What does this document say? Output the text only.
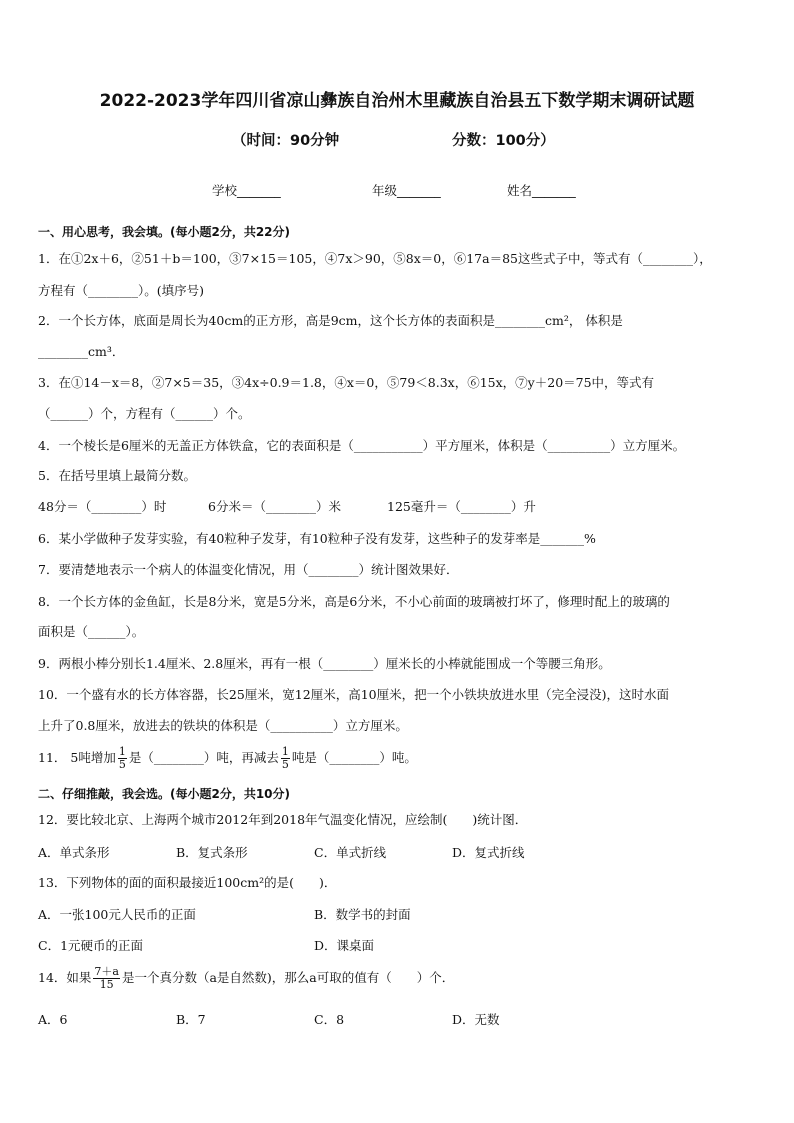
2022-2023学年四川省凉山彝族自治州木里藏族自治县五下数学期末调研试题
（时间：90分钟	分数：100分）
学校_______	年级_______	姓名_______
一、用心思考，我会填。(每小题2分，共22分)
1．在①2x＋6，②51＋b＝100，③7×15＝105，④7x＞90，⑤8x＝0，⑥17a＝85这些式子中，等式有（________），
方程有（________）。(填序号)
2．一个长方体，底面是周长为40cm的正方形，高是9cm，这个长方体的表面积是________cm²， 体积是
________cm³．
3．在①14－x＝8，②7×5＝35，③4x÷0.9＝1.8，④x＝0，⑤79＜8.3x，⑥15x，⑦y＋20＝75中，等式有
（______）个，方程有（______）个。
4．一个棱长是6厘米的无盖正方体铁盒，它的表面积是（___________）平方厘米，体积是（__________）立方厘米。
5．在括号里填上最简分数。
48分＝（________）时	6分米＝（________）米	125毫升＝（________）升
6．某小学做种子发芽实验，有40粒种子发芽，有10粒种子没有发芽，这些种子的发芽率是_______%
7．要清楚地表示一个病人的体温变化情况，用（________）统计图效果好．
8．一个长方体的金鱼缸，长是8分米，宽是5分米，高是6分米，不小心前面的玻璃被打坏了，修理时配上的玻璃的
面积是（______）。
9．两根小棒分别长1.4厘米、2.8厘米，再有一根（________）厘米长的小棒就能围成一个等腰三角形。
10．一个盛有水的长方体容器，长25厘米，宽12厘米，高10厘米，把一个小铁块放进水里（完全浸没)，这时水面
上升了0.8厘米，放进去的铁块的体积是（__________）立方厘米。
11． 5吨增加 $\frac{1}{5}$ 是（________）吨，再减去 $\frac{1}{5}$ 吨是（________）吨。
二、仔细推敲，我会选。(每小题2分，共10分)
12．要比较北京、上海两个城市2012年到2018年气温变化情况，应绘制(　　)统计图．
A．单式条形	B．复式条形	C．单式折线	D．复式折线
13．下列物体的面的面积最接近100cm²的是(　　)．
A．一张100元人民币的正面	B．数学书的封面
C．1元硬币的正面	D．课桌面
14．如果 $\frac{7+a}{15}$ 是一个真分数（a是自然数)，那么a可取的值有（　　）个．
A．6	B．7	C．8	D．无数
